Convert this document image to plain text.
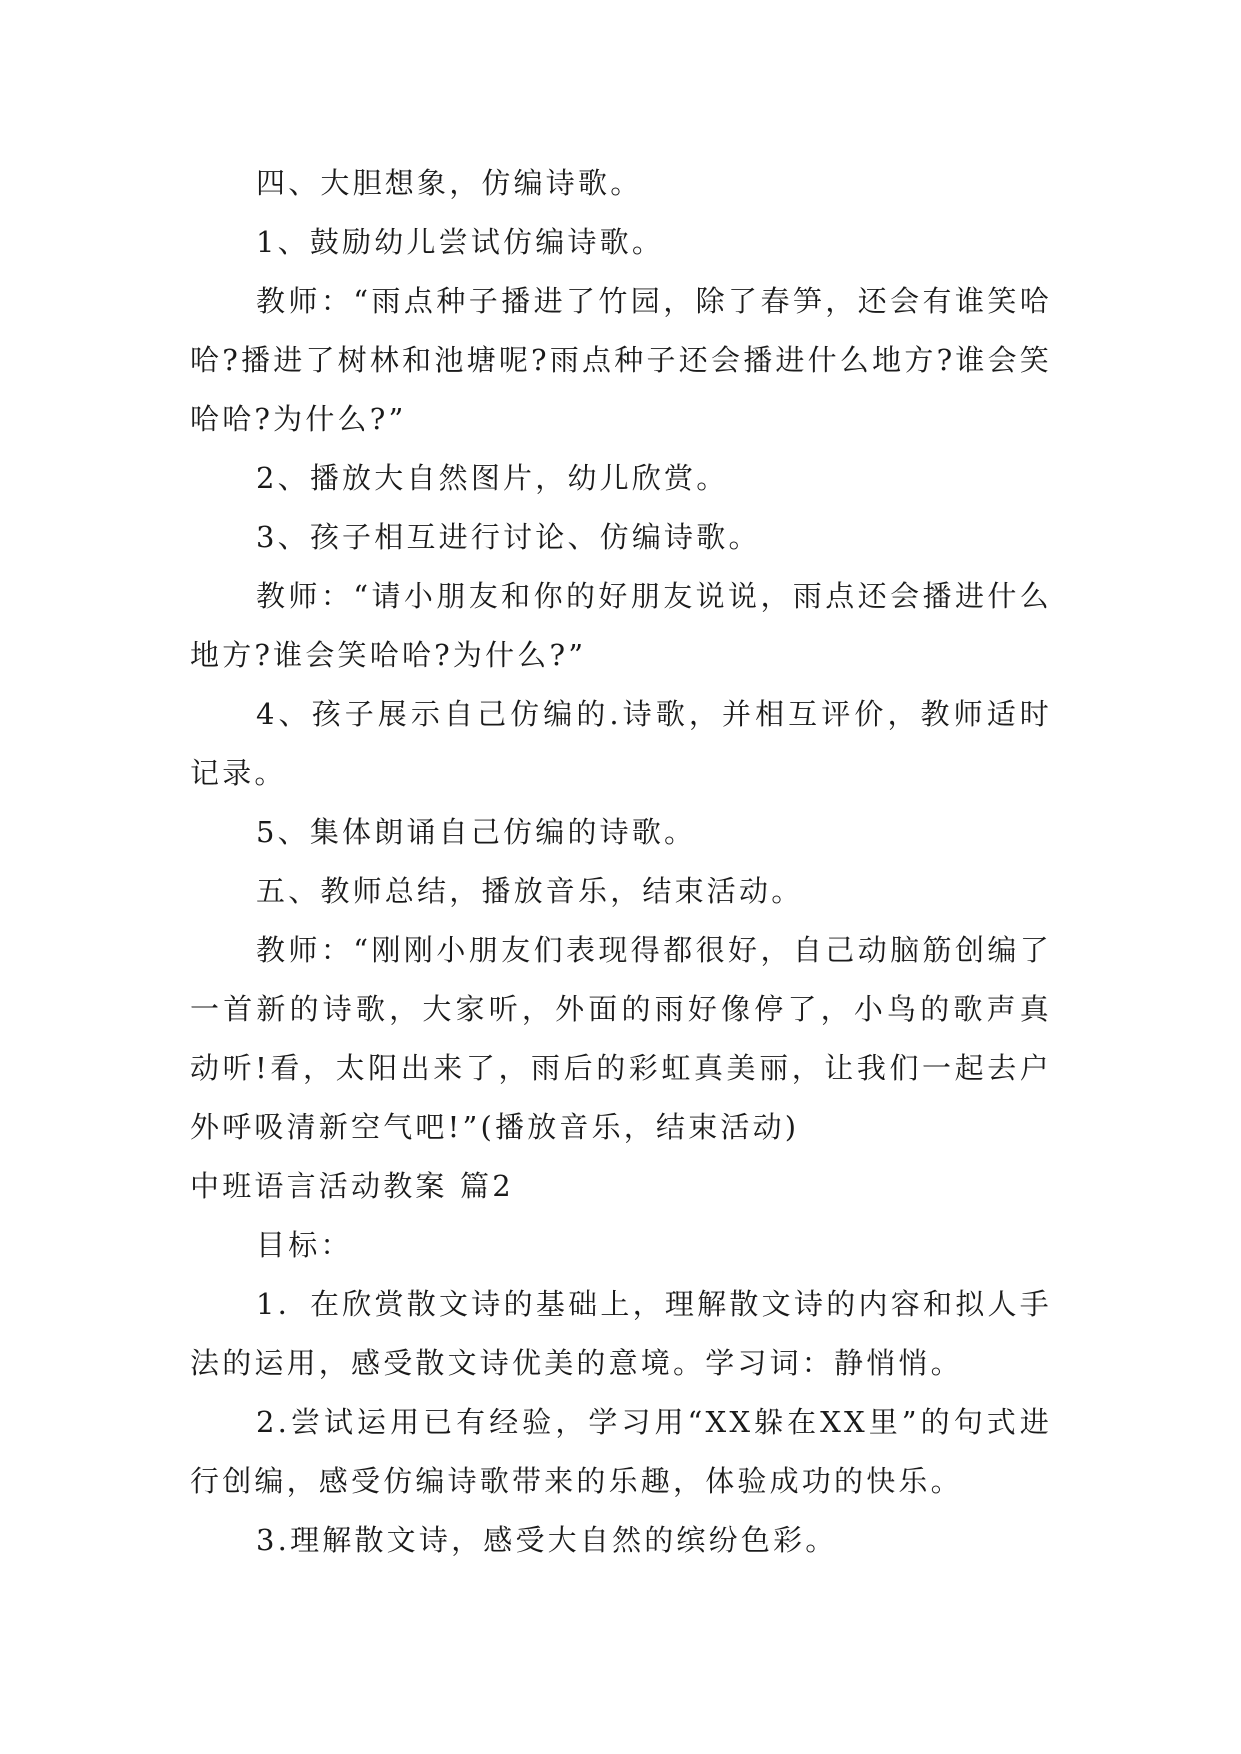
四、大胆想象，仿编诗歌。

1、鼓励幼儿尝试仿编诗歌。

教师：“雨点种子播进了竹园，除了春笋，还会有谁笑哈哈?播进了树林和池塘呢?雨点种子还会播进什么地方?谁会笑哈哈?为什么?”

2、播放大自然图片，幼儿欣赏。

3、孩子相互进行讨论、仿编诗歌。

教师：“请小朋友和你的好朋友说说，雨点还会播进什么地方?谁会笑哈哈?为什么?”

4、孩子展示自己仿编的.诗歌，并相互评价，教师适时记录。

5、集体朗诵自己仿编的诗歌。

五、教师总结，播放音乐，结束活动。

教师：“刚刚小朋友们表现得都很好，自己动脑筋创编了一首新的诗歌，大家听，外面的雨好像停了，小鸟的歌声真动听!看，太阳出来了，雨后的彩虹真美丽，让我们一起去户外呼吸清新空气吧!”(播放音乐，结束活动)

中班语言活动教案 篇2

目标：

1．在欣赏散文诗的基础上，理解散文诗的内容和拟人手法的运用，感受散文诗优美的意境。学习词：静悄悄。

2.尝试运用已有经验，学习用“XX躲在XX里”的句式进行创编，感受仿编诗歌带来的乐趣，体验成功的快乐。

3.理解散文诗，感受大自然的缤纷色彩。
